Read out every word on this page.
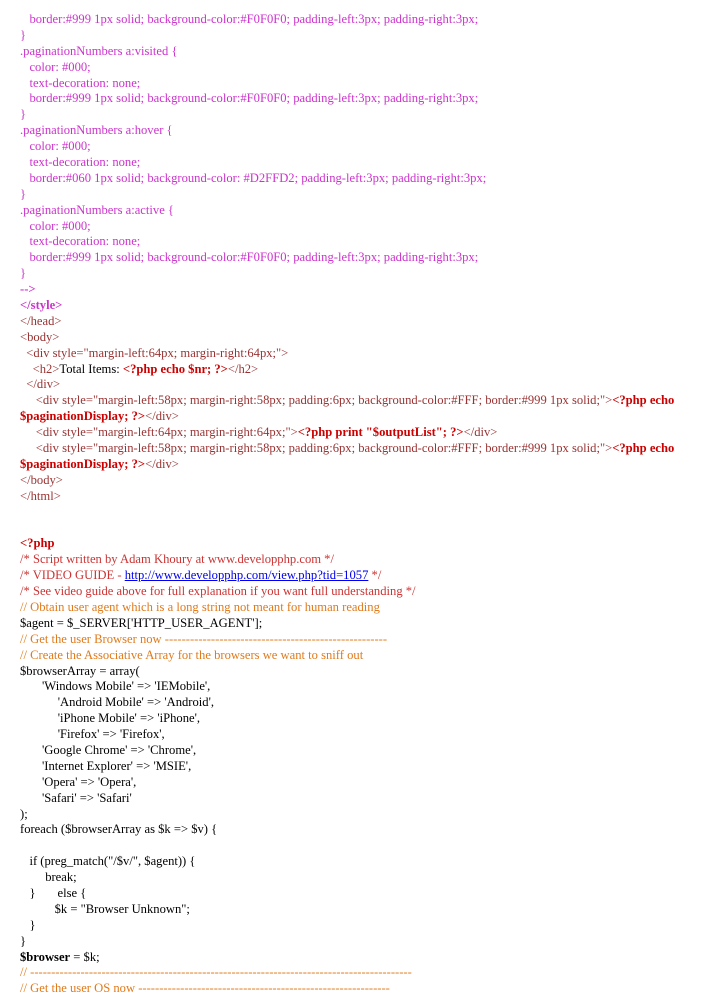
border:#999 1px solid; background-color:#F0F0F0; padding-left:3px; padding-right:3px;
}
.paginationNumbers a:visited {
color: #000;
text-decoration: none;
border:#999 1px solid; background-color:#F0F0F0; padding-left:3px; padding-right:3px;
}
.paginationNumbers a:hover {
color: #000;
text-decoration: none;
border:#060 1px solid; background-color: #D2FFD2; padding-left:3px; padding-right:3px;
}
.paginationNumbers a:active {
color: #000;
text-decoration: none;
border:#999 1px solid; background-color:#F0F0F0; padding-left:3px; padding-right:3px;
}
-->
</style>
</head>
<body>
<div style="margin-left:64px; margin-right:64px;">
<h2>Total Items: <?php echo $nr; ?></h2>
</div>
<div style="margin-left:58px; margin-right:58px; padding:6px; background-color:#FFF; border:#999 1px solid;"><?php echo
$paginationDisplay; ?></div>
<div style="margin-left:64px; margin-right:64px;"><?php print "$outputList"; ?></div>
<div style="margin-left:58px; margin-right:58px; padding:6px; background-color:#FFF; border:#999 1px solid;"><?php echo
$paginationDisplay; ?></div>
</body>
</html>
<?php
/* Script written by Adam Khoury at www.developphp.com */
/* VIDEO GUIDE - http://www.developphp.com/view.php?tid=1057 */
/* See video guide above for full explanation if you want full understanding */
// Obtain user agent which is a long string not meant for human reading
$agent = $_SERVER['HTTP_USER_AGENT'];
// Get the user Browser now -----------------------------------------------------
// Create the Associative Array for the browsers we want to sniff out
$browserArray = array(
'Windows Mobile' => 'IEMobile',
'Android Mobile' => 'Android',
'iPhone Mobile' => 'iPhone',
'Firefox' => 'Firefox',
'Google Chrome' => 'Chrome',
'Internet Explorer' => 'MSIE',
'Opera' => 'Opera',
'Safari' => 'Safari'
);
foreach ($browserArray as $k => $v) {
if (preg_match("/$v/", $agent)) {
break;
}       else {
$k = "Browser Unknown";
}
}
$browser = $k;
// -------------------------------------------------------------------------------------------
// Get the user OS now ------------------------------------------------------------
